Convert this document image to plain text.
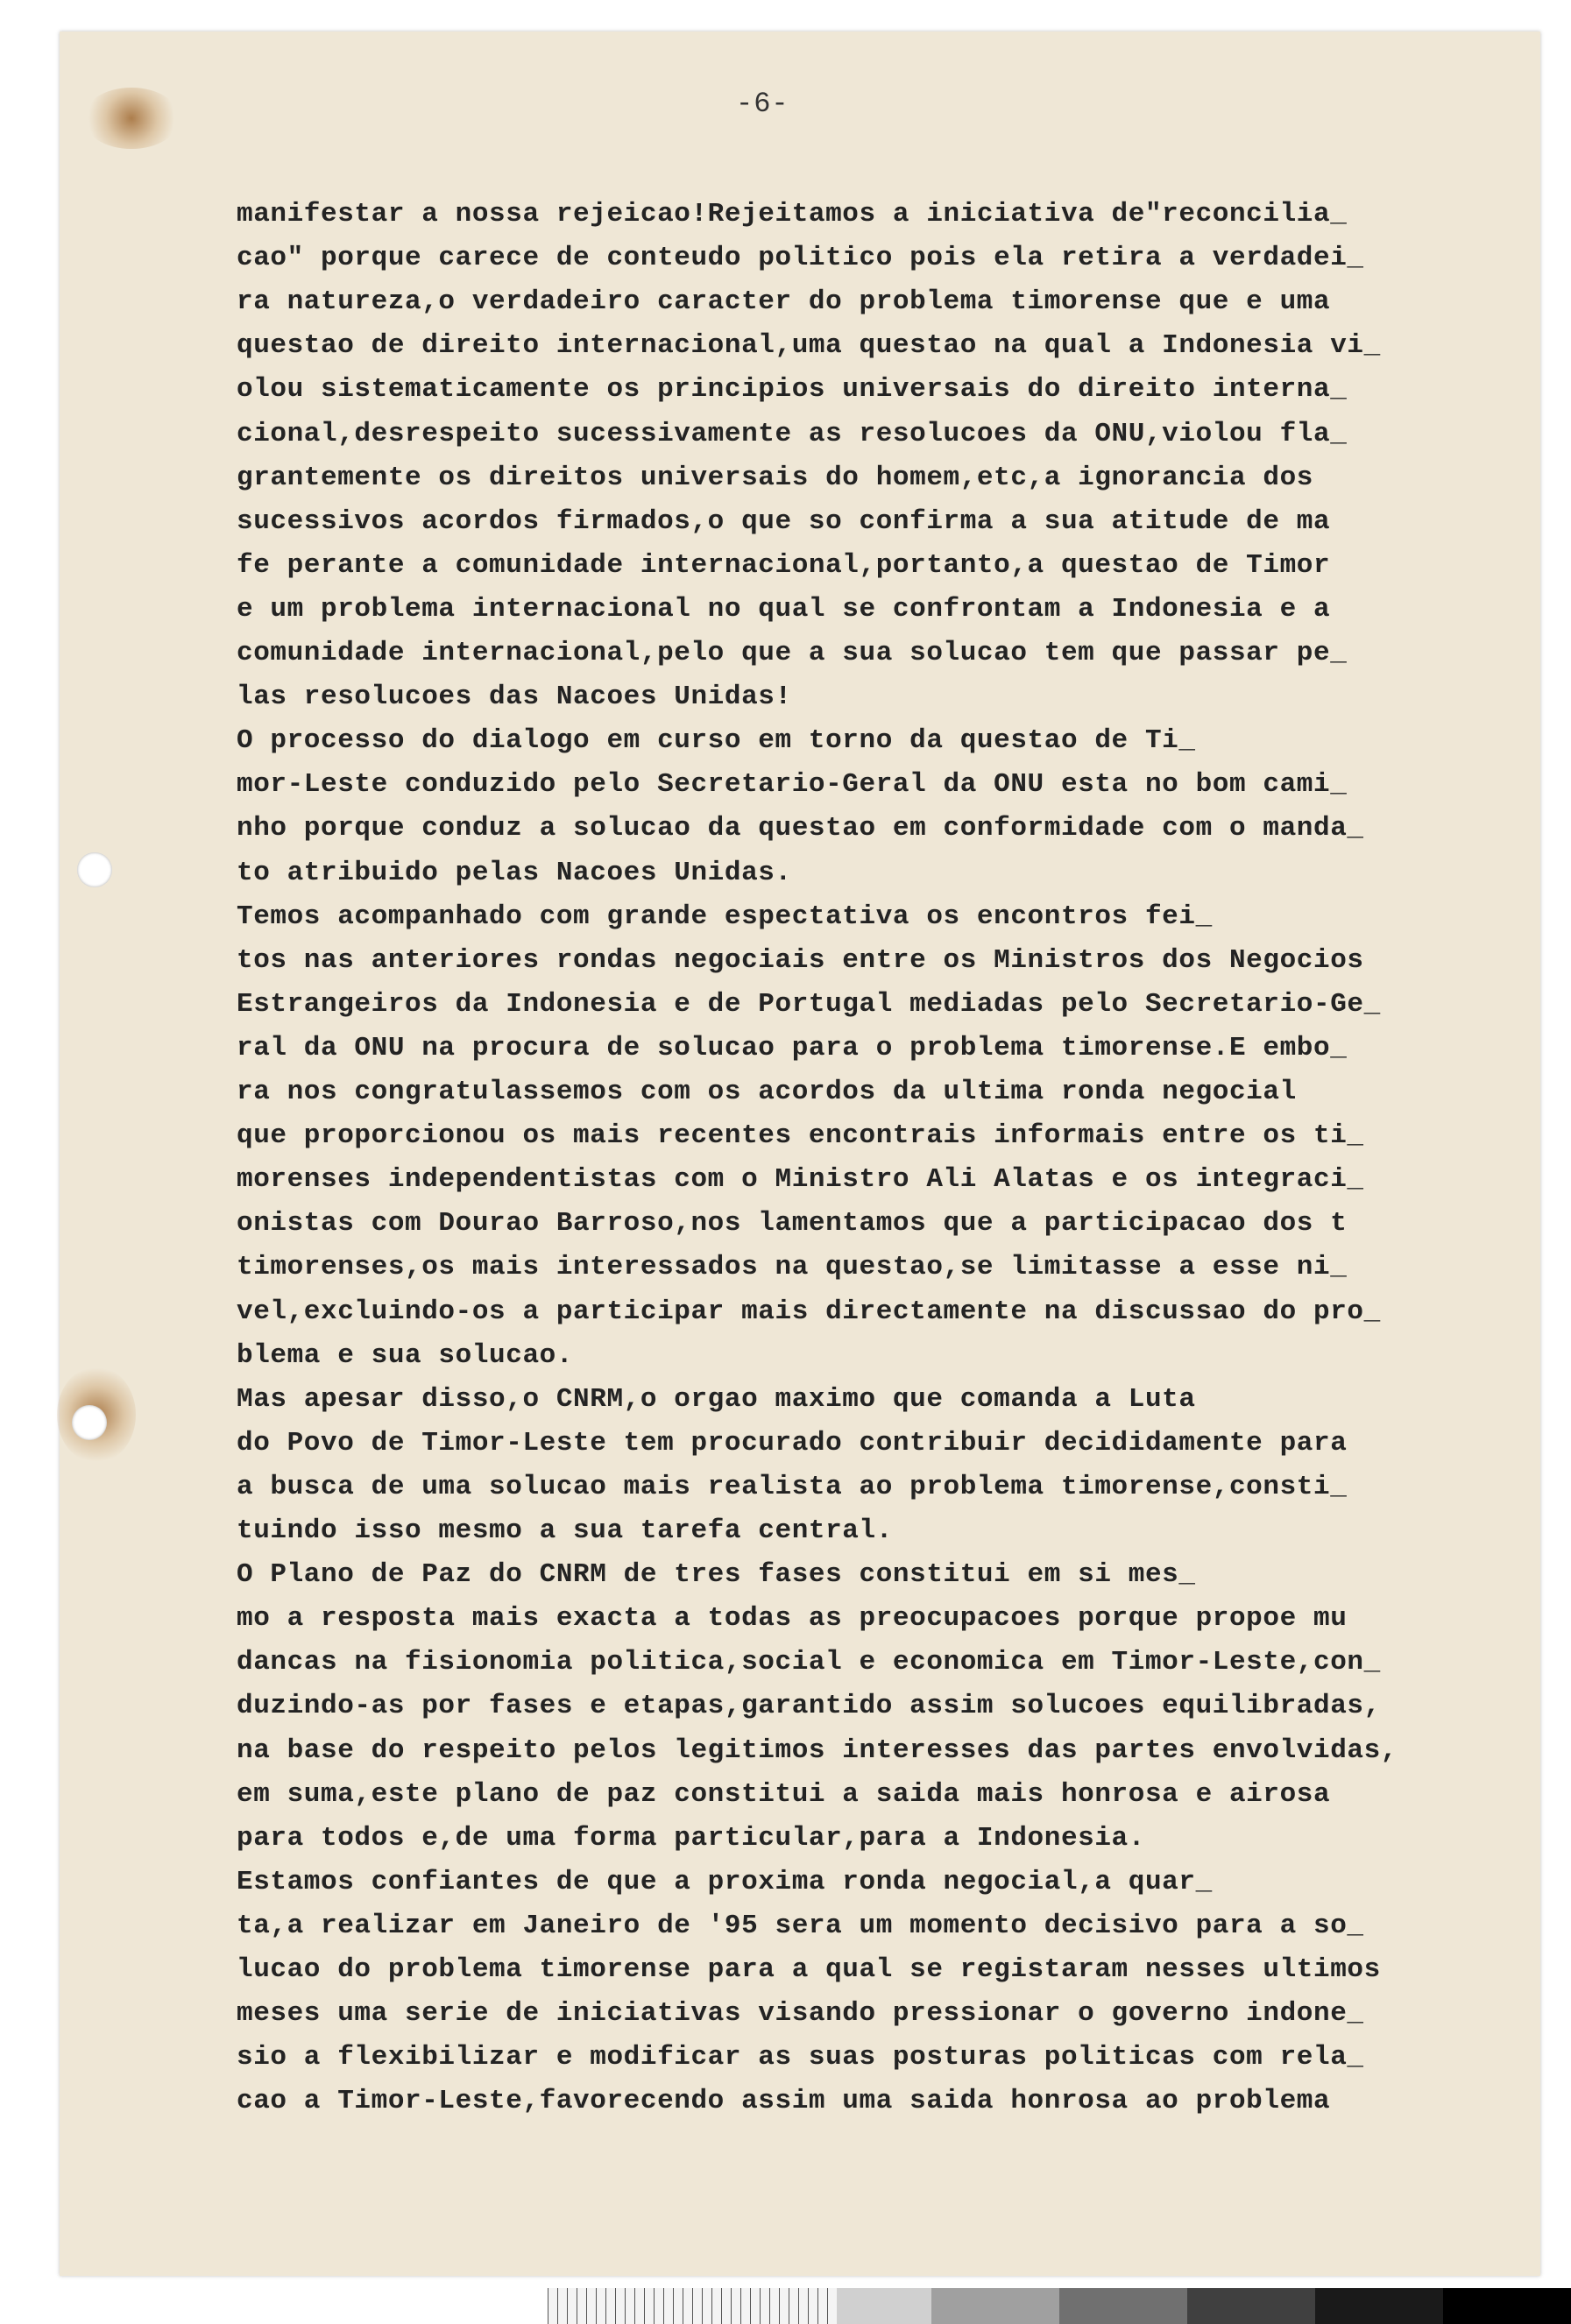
-6-
manifestar a nossa rejeicao!Rejeitamos a iniciativa de"reconcilia_
cao" porque carece de conteudo politico pois ela retira a verdadei_
ra natureza,o verdadeiro caracter do problema timorense que e uma
questao de direito internacional,uma questao na qual a Indonesia vi_
olou sistematicamente os principios universais do direito interna_
cional,desrespeito sucessivamente as resolucoes da ONU,violou fla_
grantemente os direitos universais do homem,etc,a ignorancia dos
sucessivos acordos firmados,o que so confirma a sua atitude de ma
fe perante a comunidade internacional,portanto,a questao de Timor
e um problema internacional no qual se confrontam a Indonesia e a
comunidade internacional,pelo que a sua solucao tem que passar pe_
las resolucoes das Nacoes Unidas!
O processo do dialogo em curso em torno da questao de Ti_
mor-Leste conduzido pelo Secretario-Geral da ONU esta no bom cami_
nho porque conduz a solucao da questao em conformidade com o manda_
to atribuido pelas Nacoes Unidas.
Temos acompanhado com grande espectativa os encontros fei_
tos nas anteriores rondas negociais entre os Ministros dos Negocios
Estrangeiros da Indonesia e de Portugal mediadas pelo Secretario-Ge_
ral da ONU na procura de solucao para o problema timorense.E embo_
ra nos congratulassemos com os acordos da ultima ronda negocial
que proporcionou os mais recentes encontrais informais entre os ti_
morenses independentistas com o Ministro Ali Alatas e os integraci_
onistas com Dourao Barroso,nos lamentamos que a participacao dos t
timorenses,os mais interessados na questao,se limitasse a esse ni_
vel,excluindo-os a participar mais directamente na discussao do pro_
blema e sua solucao.
Mas apesar disso,o CNRM,o orgao maximo que comanda a Luta
do Povo de Timor-Leste tem procurado contribuir decididamente para
a busca de uma solucao mais realista ao problema timorense,consti_
tuindo isso mesmo a sua tarefa central.
O Plano de Paz do CNRM de tres fases constitui em si mes_
mo a resposta mais exacta a todas as preocupacoes porque propoe mu
dancas na fisionomia politica,social e economica em Timor-Leste,con_
duzindo-as por fases e etapas,garantido assim solucoes equilibradas,
na base do respeito pelos legitimos interesses das partes envolvidas,
em suma,este plano de paz constitui a saida mais honrosa e airosa
para todos e,de uma forma particular,para a Indonesia.
Estamos confiantes de que a proxima ronda negocial,a quar_
ta,a realizar em Janeiro de '95 sera um momento decisivo para a so_
lucao do problema timorense para a qual se registaram nesses ultimos
meses uma serie de iniciativas visando pressionar o governo indone_
sio a flexibilizar e modificar as suas posturas politicas com rela_
cao a Timor-Leste,favorecendo assim uma saida honrosa ao problema
